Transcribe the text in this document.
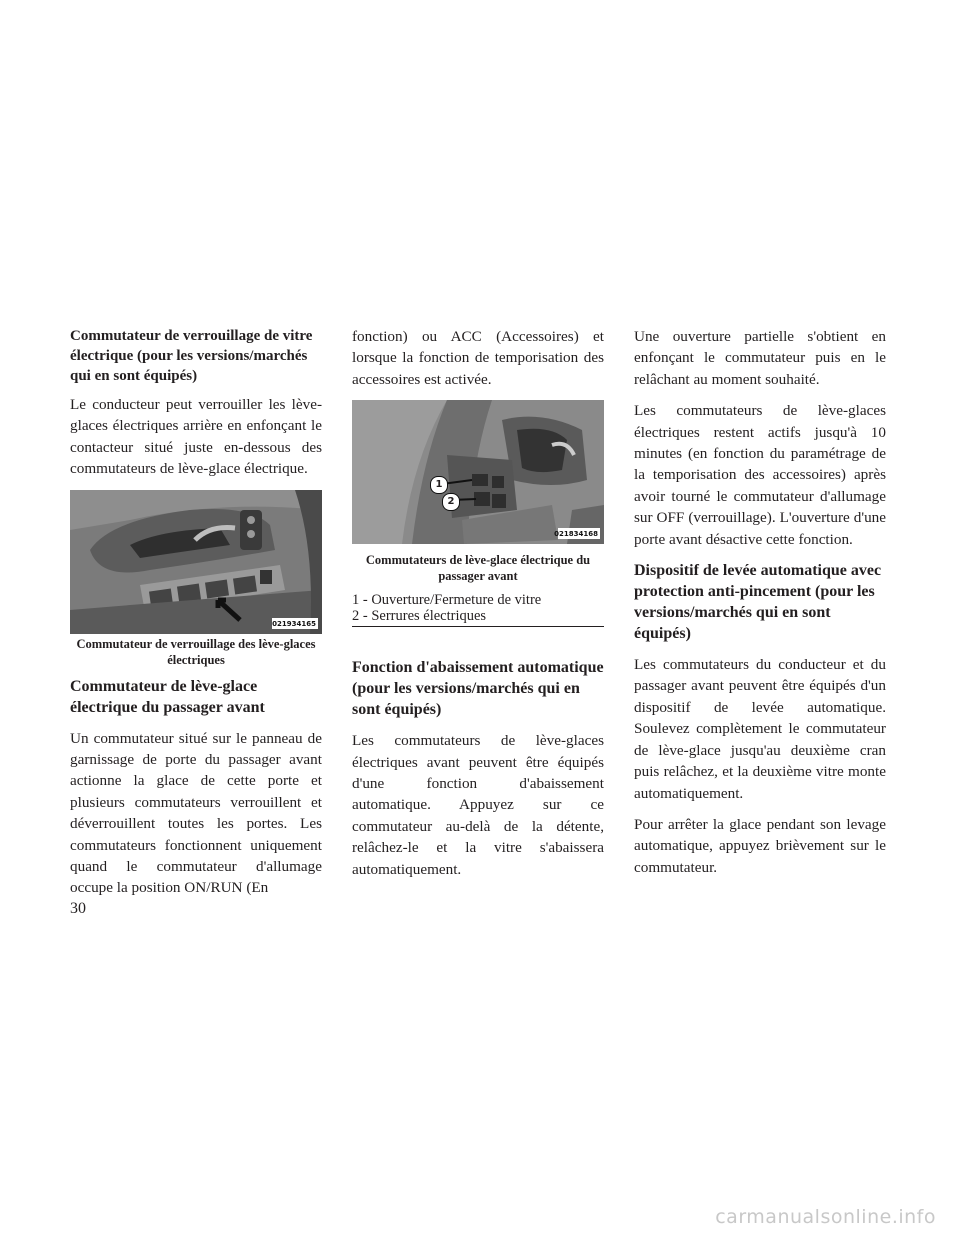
Commutateur de verrouillage de vitre électrique (pour les versions/marchés qui en sont équipés)
Le conducteur peut verrouiller les lève-glaces électriques arrière en enfonçant le contacteur situé juste en-dessous des commutateurs de lève-glace électrique.
021934165
Commutateur de verrouillage des lève-glaces électriques
Commutateur de lève-glace électrique du passager avant
Un commutateur situé sur le panneau de garnissage de porte du passager avant actionne la glace de cette porte et plusieurs commutateurs verrouillent et déverrouillent toutes les portes. Les commutateurs fonctionnent uniquement quand le commutateur d'allumage occupe la position ON/RUN (En
fonction) ou ACC (Accessoires) et lorsque la fonction de temporisation des accessoires est activée.
1
2
021834168
Commutateurs de lève-glace électrique du passager avant
1 - Ouverture/Fermeture de vitre
2 - Serrures électriques
Fonction d'abaissement automatique (pour les versions/marchés qui en sont équipés)
Les commutateurs de lève-glaces électriques avant peuvent être équipés d'une fonction d'abaissement automatique. Appuyez sur ce commutateur au-delà de la détente, relâchez-le et la vitre s'abaissera automatiquement.
Une ouverture partielle s'obtient en enfonçant le commutateur puis en le relâchant au moment souhaité.
Les commutateurs de lève-glaces électriques restent actifs jusqu'à 10 minutes (en fonction du paramétrage de la temporisation des accessoires) après avoir tourné le commutateur d'allumage sur OFF (verrouillage). L'ouverture d'une porte avant désactive cette fonction.
Dispositif de levée automatique avec protection anti-pincement (pour les versions/marchés qui en sont équipés)
Les commutateurs du conducteur et du passager avant peuvent être équipés d'un dispositif de levée automatique. Soulevez complètement le commutateur de lève-glace jusqu'au deuxième cran puis relâchez, et la deuxième vitre monte automatiquement.
Pour arrêter la glace pendant son levage automatique, appuyez brièvement sur le commutateur.
30
carmanualsonline.info
